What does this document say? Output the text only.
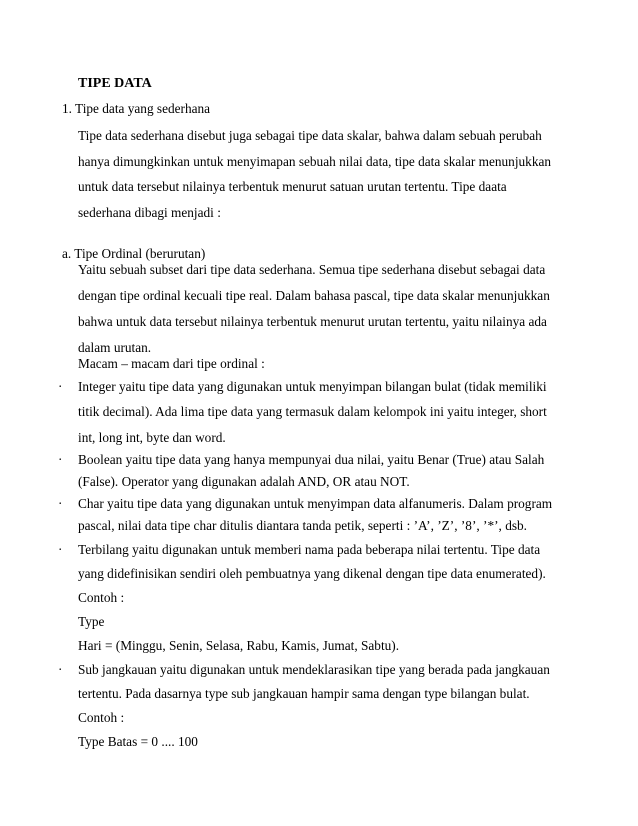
TIPE DATA
1. Tipe data yang sederhana
Tipe data sederhana disebut juga sebagai tipe data skalar, bahwa dalam sebuah perubah
hanya dimungkinkan untuk menyimapan sebuah nilai data, tipe data skalar menunjukkan
untuk data tersebut nilainya terbentuk menurut satuan urutan tertentu. Tipe daata
sederhana dibagi menjadi :
a. Tipe Ordinal (berurutan)
Yaitu sebuah subset dari tipe data sederhana. Semua tipe sederhana disebut sebagai data
dengan tipe ordinal kecuali tipe real. Dalam bahasa pascal, tipe data skalar menunjukkan
bahwa untuk data tersebut nilainya terbentuk menurut urutan tertentu, yaitu nilainya ada
dalam urutan.
Macam – macam dari tipe ordinal :
· Integer yaitu tipe data yang digunakan untuk menyimpan bilangan bulat (tidak memiliki
titik decimal). Ada lima tipe data yang termasuk dalam kelompok ini yaitu integer, short
int, long int, byte dan word.
· Boolean yaitu tipe data yang hanya mempunyai dua nilai, yaitu Benar (True) atau Salah
(False). Operator yang digunakan adalah AND, OR atau NOT.
· Char yaitu tipe data yang digunakan untuk menyimpan data alfanumeris. Dalam program
pascal, nilai data tipe char ditulis diantara tanda petik, seperti : ’A’, ’Z’, ’8’, ’*’, dsb.
· Terbilang yaitu digunakan untuk memberi nama pada beberapa nilai tertentu. Tipe data
yang didefinisikan sendiri oleh pembuatnya yang dikenal dengan tipe data enumerated).
Contoh :
Type
Hari = (Minggu, Senin, Selasa, Rabu, Kamis, Jumat, Sabtu).
· Sub jangkauan yaitu digunakan untuk mendeklarasikan tipe yang berada pada jangkauan
tertentu. Pada dasarnya type sub jangkauan hampir sama dengan type bilangan bulat.
Contoh :
Type Batas = 0 .... 100
